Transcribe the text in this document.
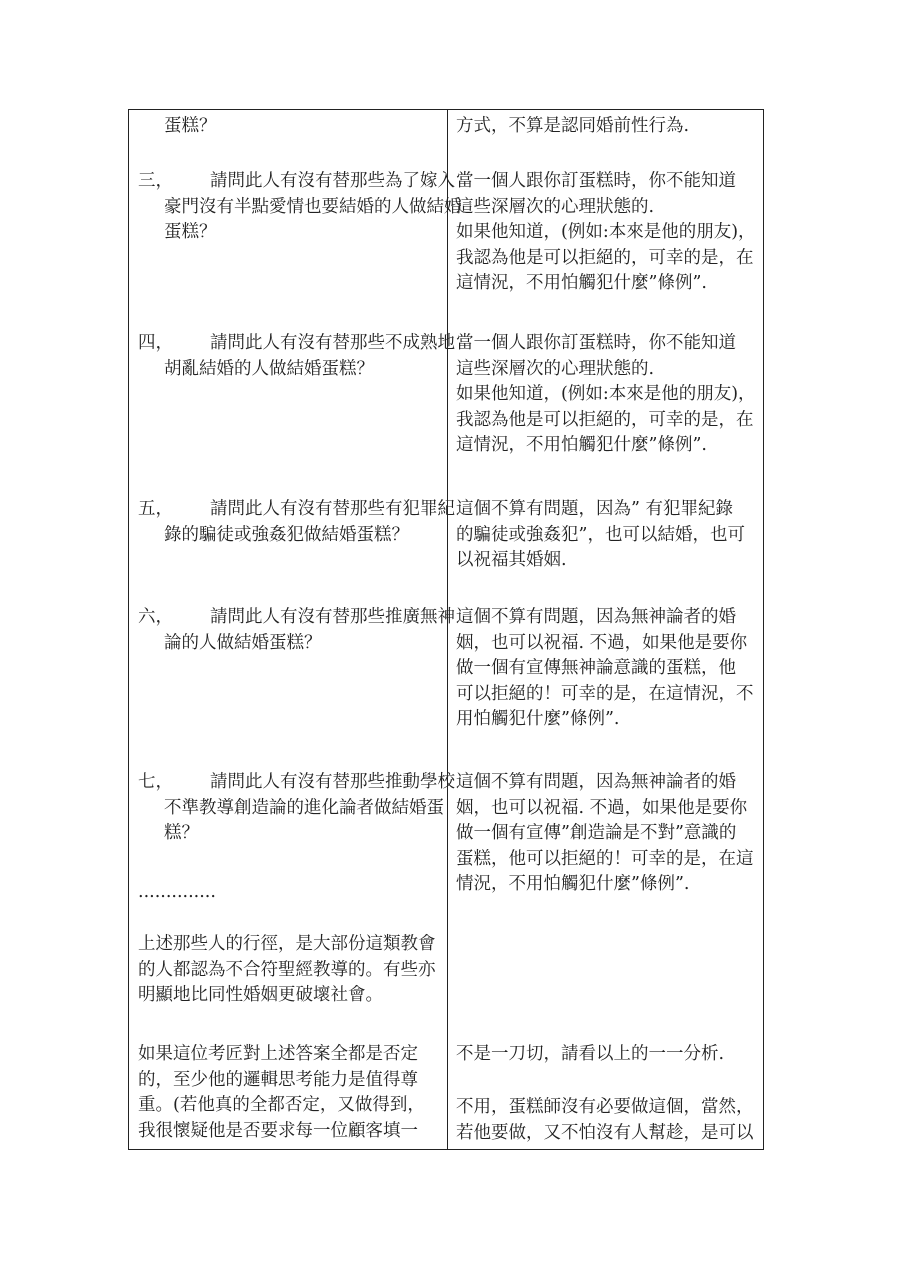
蛋糕？

三， 請問此人有沒有替那些為了嫁入豪門沒有半點愛情也要結婚的人做結婚蛋糕？
四， 請問此人有沒有替那些不成熟地胡亂結婚的人做結婚蛋糕？
五， 請問此人有沒有替那些有犯罪紀錄的騙徒或強姦犯做結婚蛋糕？
六， 請問此人有沒有替那些推廣無神論的人做結婚蛋糕？
七， 請問此人有沒有替那些推動學校不準教導創造論的進化論者做結婚蛋糕？

..............

上述那些人的行徑，是大部份這類教會的人都認為不合符聖經教導的。有些亦明顯地比同性婚姻更破壞社會。

如果這位考匠對上述答案全都是否定
的，至少他的邏輯思考能力是值得尊
重。(若他真的全都否定，又做得到，
我很懷疑他是否要求每一位顧客填一

方式，不算是認同婚前性行為.

當一個人跟你訂蛋糕時，你不能知道
這些深層次的心理狀態的.
如果他知道，(例如:本來是他的朋友)，
我認為他是可以拒絕的，可幸的是，在
這情況，不用怕觸犯什麼”條例”.
當一個人跟你訂蛋糕時，你不能知道
這些深層次的心理狀態的.
如果他知道，(例如:本來是他的朋友)，
我認為他是可以拒絕的，可幸的是，在
這情況，不用怕觸犯什麼”條例”.
這個不算有問題，因為” 有犯罪紀錄
的騙徒或強姦犯”，也可以結婚，也可
以祝福其婚姻.
這個不算有問題，因為無神論者的婚
姻，也可以祝福. 不過，如果他是要你
做一個有宣傳無神論意識的蛋糕，他
可以拒絕的！可幸的是，在這情況，不
用怕觸犯什麼”條例”.
這個不算有問題，因為無神論者的婚
姻，也可以祝福. 不過，如果他是要你
做一個有宣傳”創造論是不對”意識的
蛋糕，他可以拒絕的！可幸的是，在這
情況，不用怕觸犯什麼”條例”.

不是一刀切，請看以上的一一分析.

不用，蛋糕師沒有必要做這個，當然，
若他要做，又不怕沒有人幫趁，是可以
